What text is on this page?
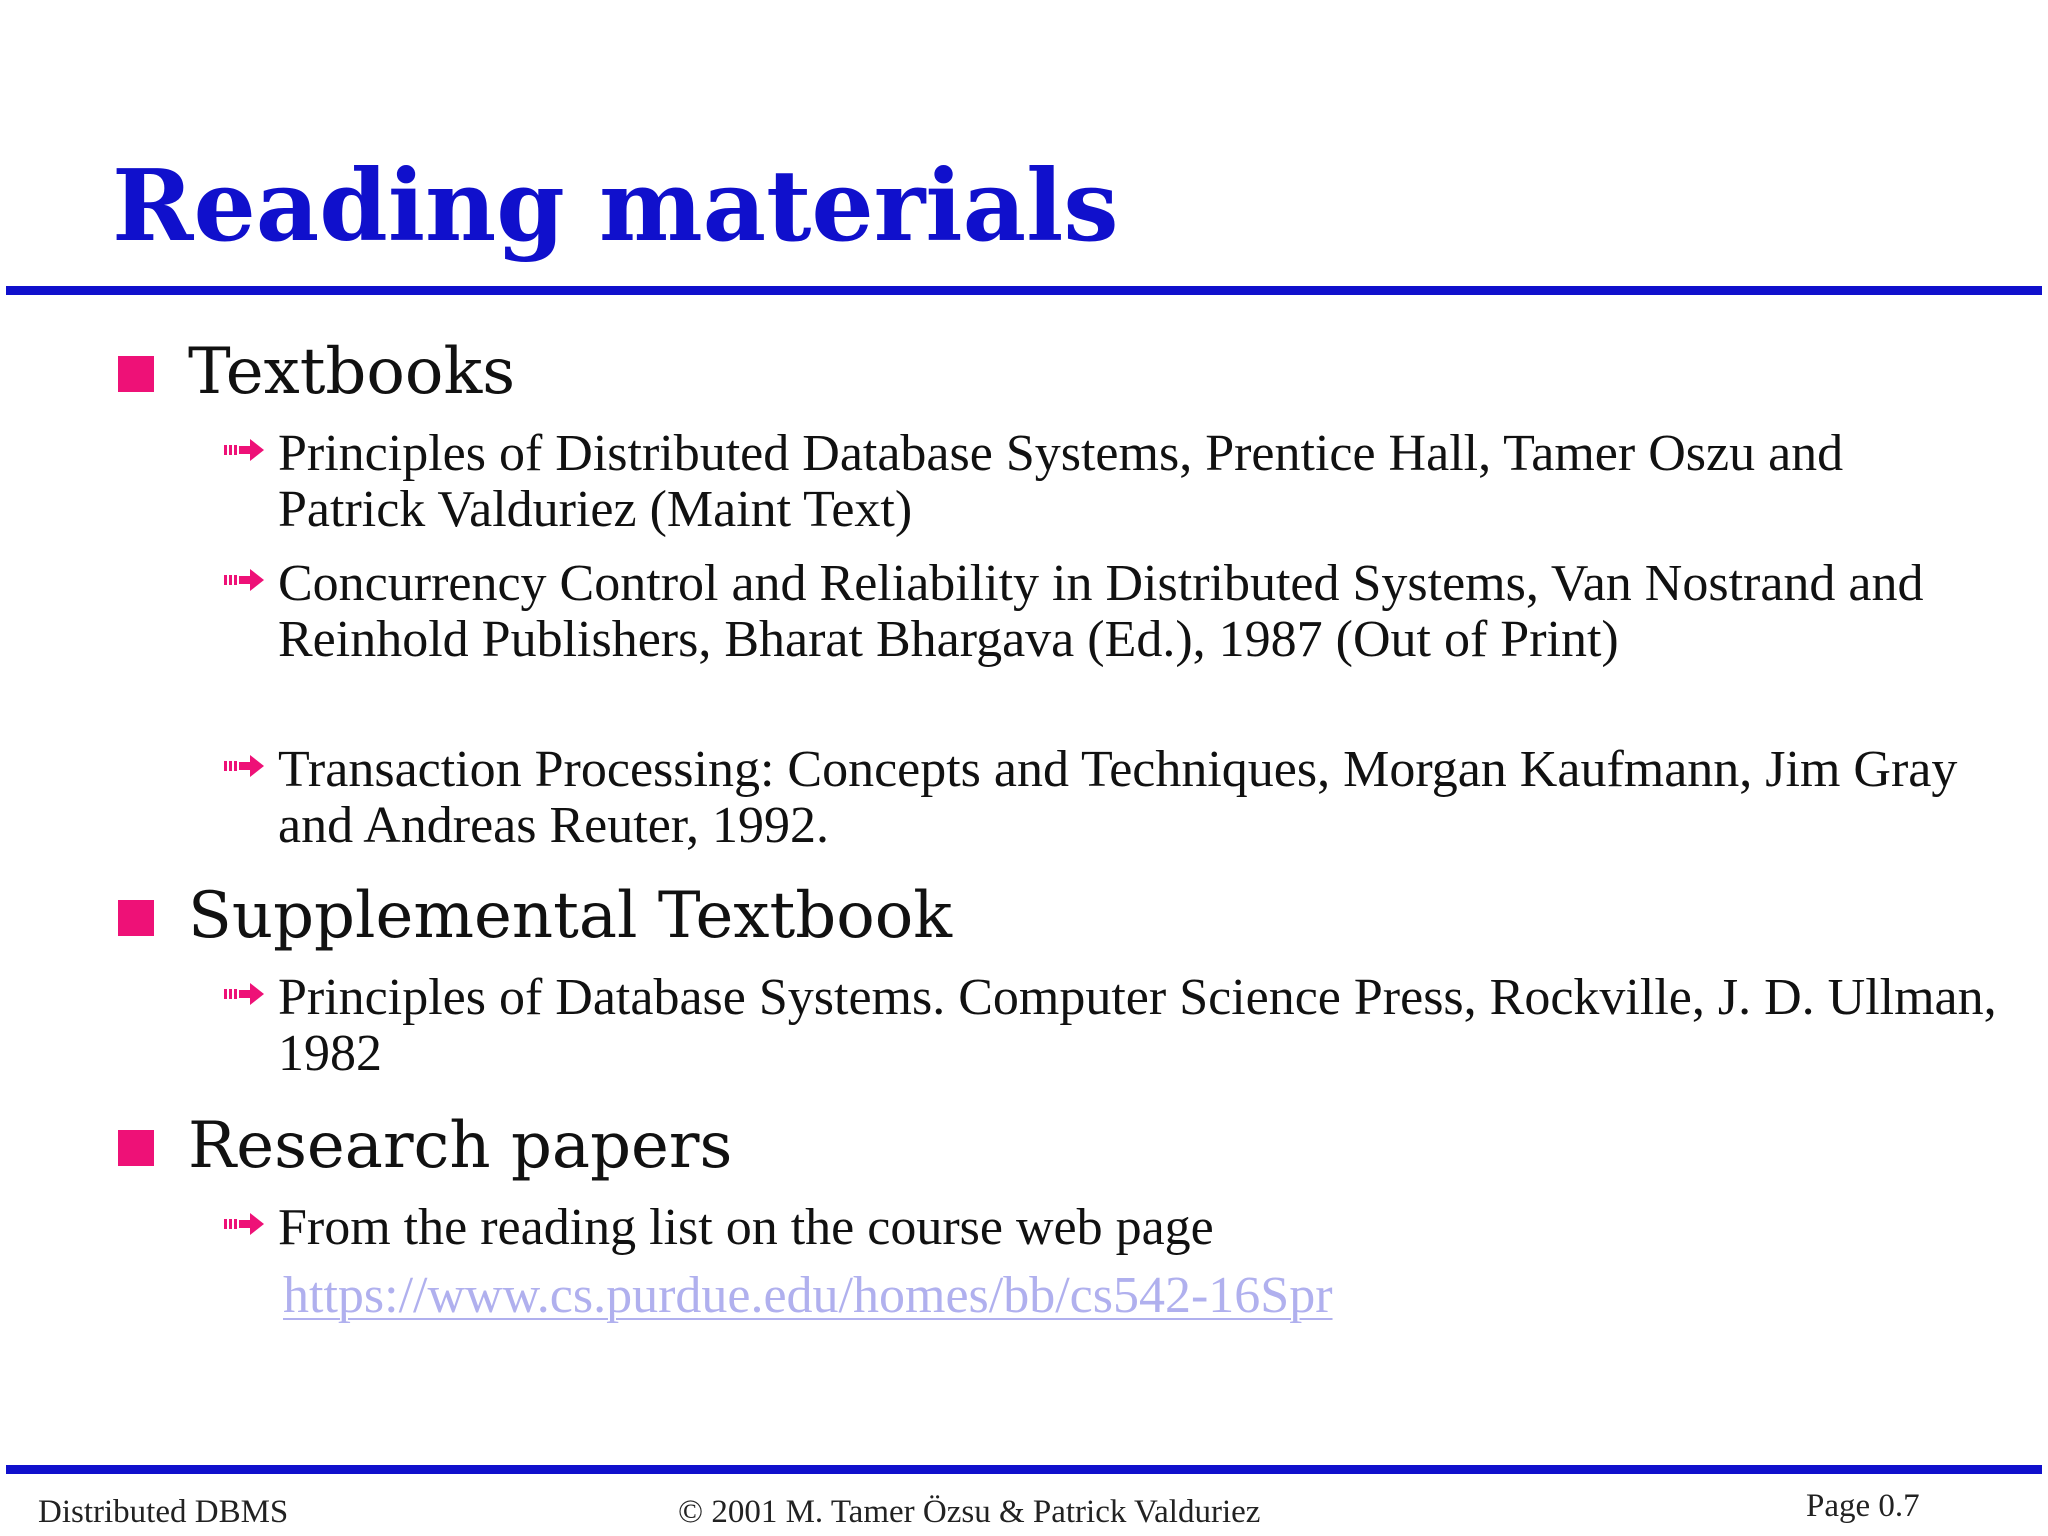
Reading materials
Textbooks
Principles of Distributed Database Systems, Prentice Hall, Tamer Oszu and Patrick Valduriez (Maint Text)
Concurrency Control and Reliability in Distributed Systems, Van Nostrand and Reinhold Publishers, Bharat Bhargava (Ed.), 1987 (Out of Print)
Transaction Processing: Concepts and Techniques, Morgan Kaufmann, Jim Gray and Andreas Reuter, 1992.
Supplemental Textbook
Principles of Database Systems. Computer Science Press, Rockville, J. D. Ullman, 1982
Research papers
From the reading list on the course web page
https://www.cs.purdue.edu/homes/bb/cs542-16Spr
Distributed DBMS	© 2001 M. Tamer Özsu & Patrick Valduriez	Page 0.7
